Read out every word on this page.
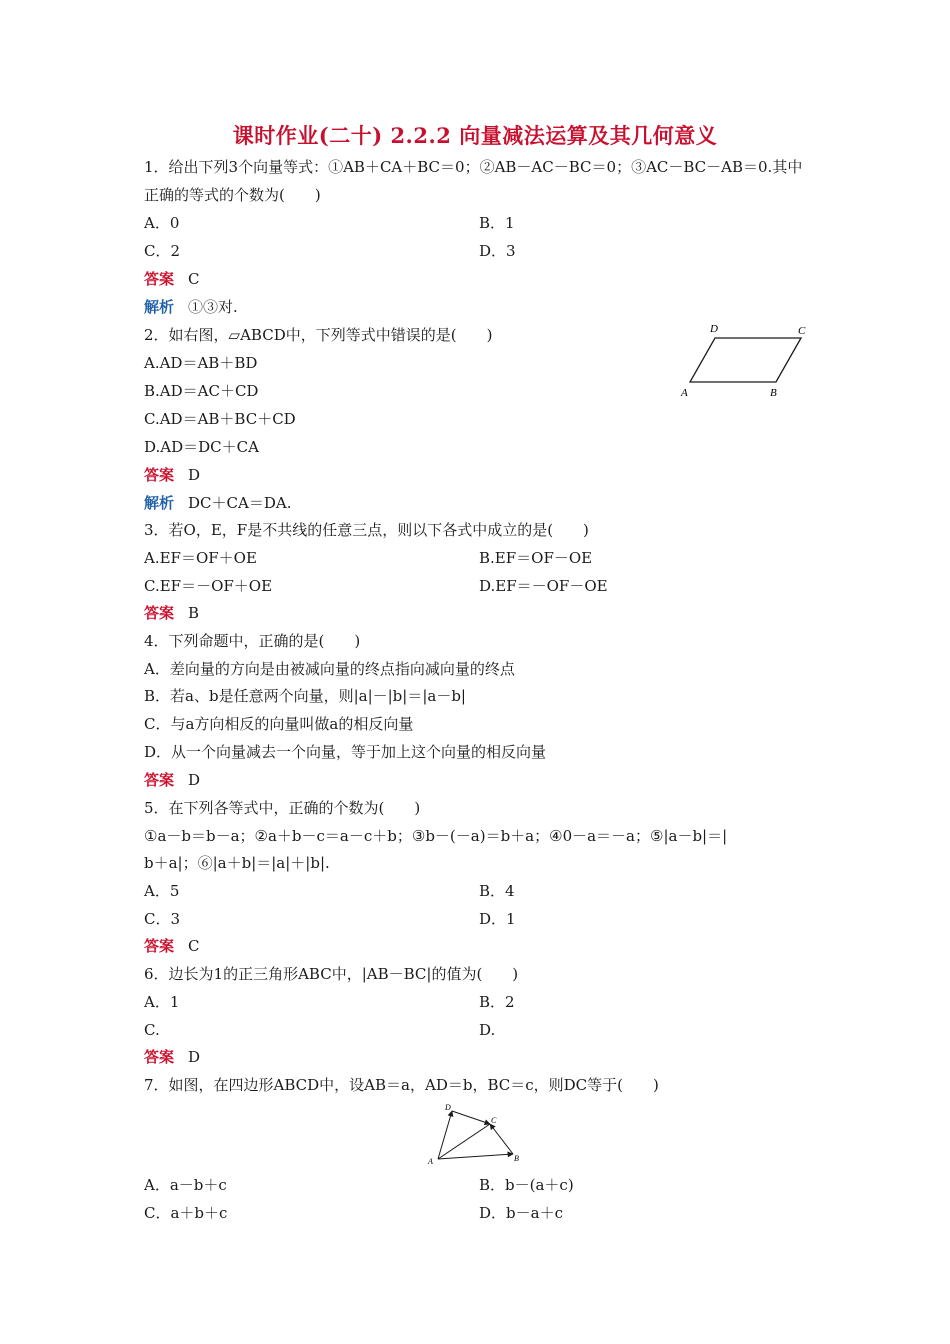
课时作业(二十) 2.2.2 向量减法运算及其几何意义
1．给出下列3个向量等式：①AB＋CA＋BC＝0；②AB－AC－BC＝0；③AC－BC－AB＝0.其中
正确的等式的个数为(　　)
A．0	B．1
C．2	D．3
答案 C
解析 ①③对.
2．如右图，▱ABCD中，下列等式中错误的是(　　)
A.AD＝AB＋BD
B.AD＝AC＋CD
C.AD＝AB＋BC＋CD
D.AD＝DC＋CA
答案 D
解析 DC＋CA＝DA.
D	C
A	B
3．若O，E，F是不共线的任意三点，则以下各式中成立的是(　　)
A.EF＝OF＋OE	B.EF＝OF－OE
C.EF＝－OF＋OE	D.EF＝－OF－OE
答案 B
4．下列命题中，正确的是(　　)
A．差向量的方向是由被减向量的终点指向减向量的终点
B．若a、b是任意两个向量，则|a|－|b|＝|a－b|
C．与a方向相反的向量叫做a的相反向量
D．从一个向量减去一个向量，等于加上这个向量的相反向量
答案 D
5．在下列各等式中，正确的个数为(　　)
①a－b＝b－a；②a＋b－c＝a－c＋b；③b－(－a)＝b＋a；④0－a＝－a；⑤|a－b|＝|
b＋a|；⑥|a＋b|＝|a|＋|b|.
A．5	B．4
C．3	D．1
答案 C
6．边长为1的正三角形ABC中，|AB－BC|的值为(　　)
A．1	B．2
C.	D.
答案 D
7．如图，在四边形ABCD中，设AB＝a，AD＝b，BC＝c，则DC等于(　　)
D
C
A	B
A．a－b＋c	B．b－(a＋c)
C．a＋b＋c	D．b－a＋c
